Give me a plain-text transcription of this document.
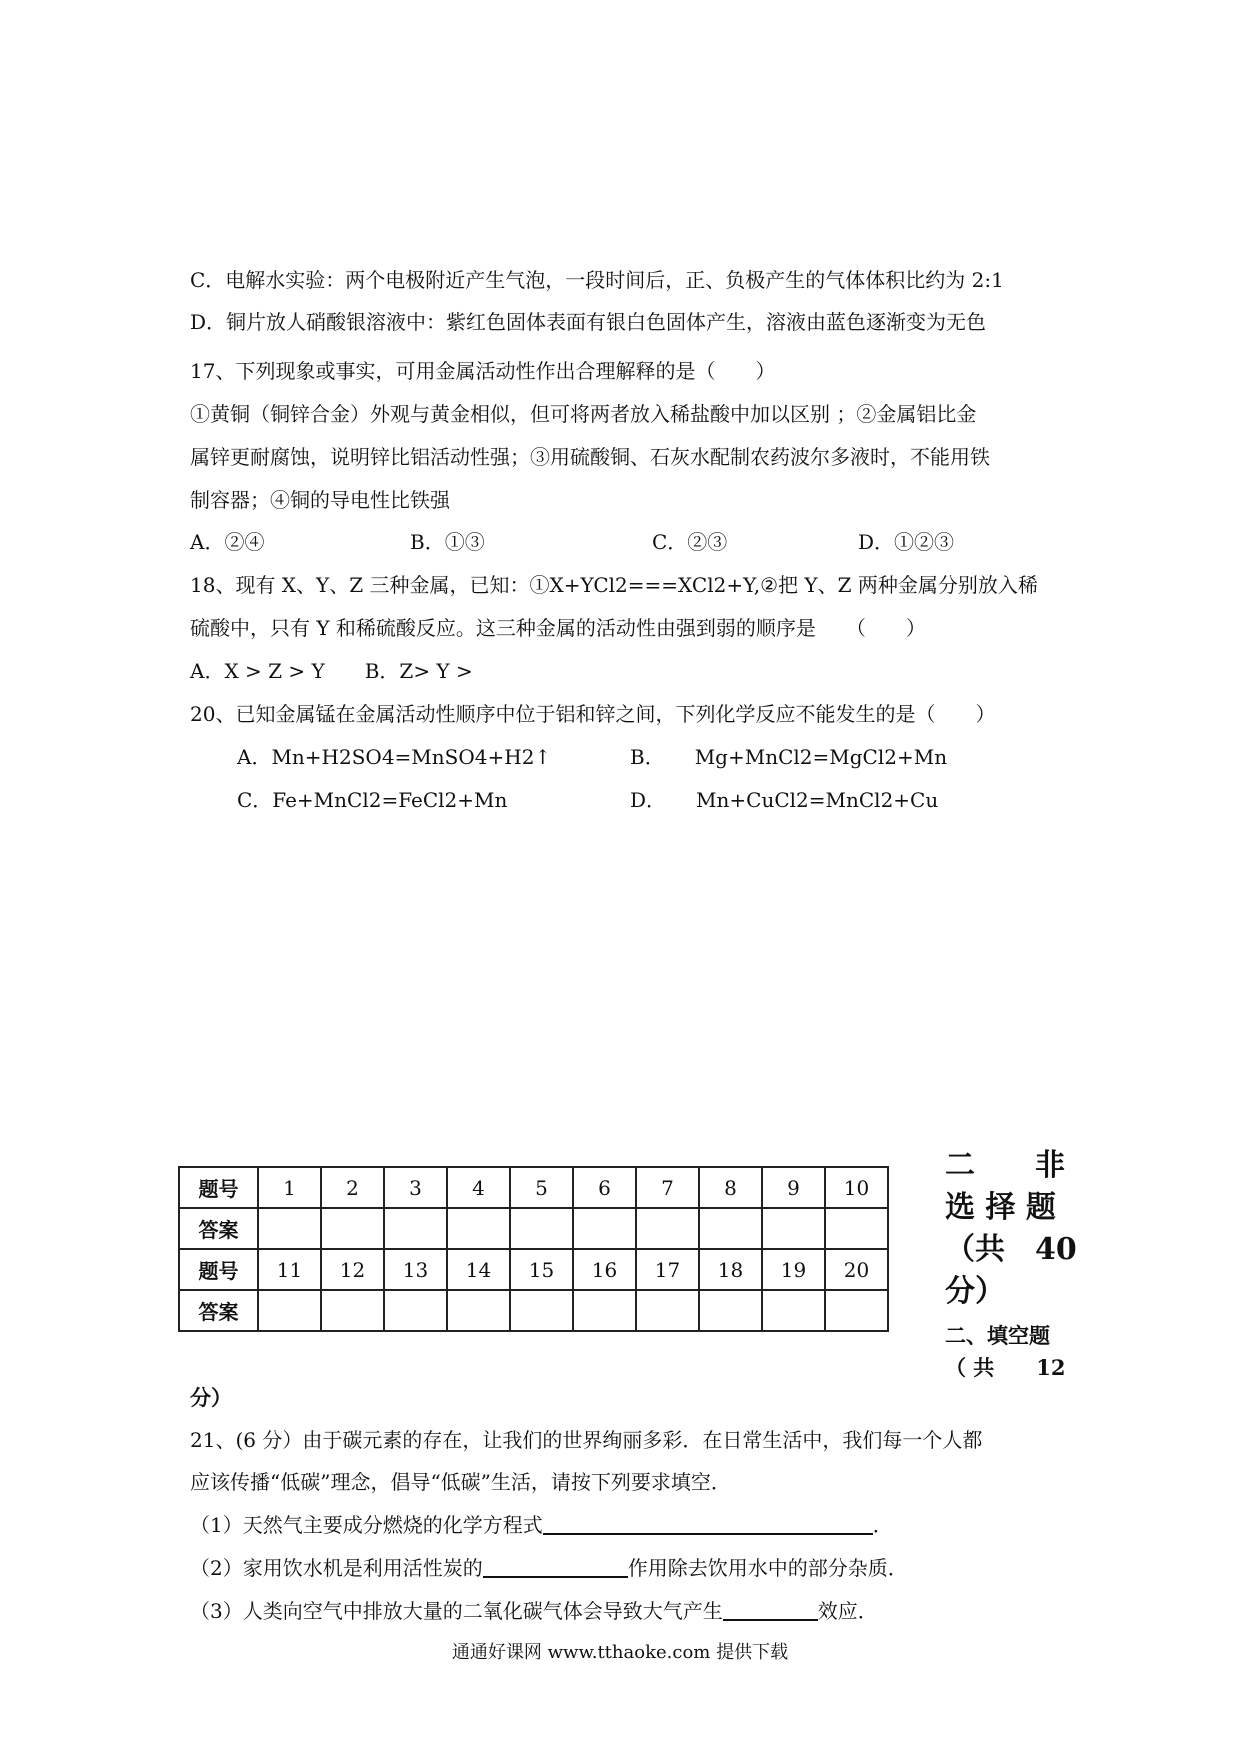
C．电解水实验：两个电极附近产生气泡，一段时间后，正、负极产生的气体体积比约为 2:1
D．铜片放人硝酸银溶液中：紫红色固体表面有银白色固体产生，溶液由蓝色逐渐变为无色
17、下列现象或事实，可用金属活动性作出合理解释的是（　　）
①黄铜（铜锌合金）外观与黄金相似，但可将两者放入稀盐酸中加以区别 ；②金属铝比金
属锌更耐腐蚀，说明锌比铝活动性强；③用硫酸铜、石灰水配制农药波尔多液时，不能用铁
制容器；④铜的导电性比铁强
A．②④	B．①③	C．②③	D．①②③
18、现有 X、Y、Z 三种金属，已知：①X+YCl2===XCl2+Y,②把 Y、Z 两种金属分别放入稀
硫酸中，只有 Y 和稀硫酸反应。这三种金属的活动性由强到弱的顺序是　　（　　）
A．X > Z > Y　　B．Z> Y >
20、已知金属锰在金属活动性顺序中位于铝和锌之间，下列化学反应不能发生的是（　　）
A．Mn+H2SO4=MnSO4+H2↑	B．　　Mg+MnCl2=MgCl2+Mn
C．Fe+MnCl2=FeCl2+Mn	D．　　Mn+CuCl2=MnCl2+Cu
题号	1	2	3	4	5	6	7	8	9	10
答案										
题号	11	12	13	14	15	16	17	18	19	20
答案										
二　　非
选 择 题
（共　40
分）
二、填空题
（ 共　　12
分）
21、(6 分）由于碳元素的存在，让我们的世界绚丽多彩．在日常生活中，我们每一个人都
应该传播“低碳”理念，倡导“低碳”生活，请按下列要求填空．
（1）天然气主要成分燃烧的化学方程式	．
（2）家用饮水机是利用活性炭的	作用除去饮用水中的部分杂质．
（3）人类向空气中排放大量的二氧化碳气体会导致大气产生	效应．
通通好课网 www.tthaoke.com 提供下载
